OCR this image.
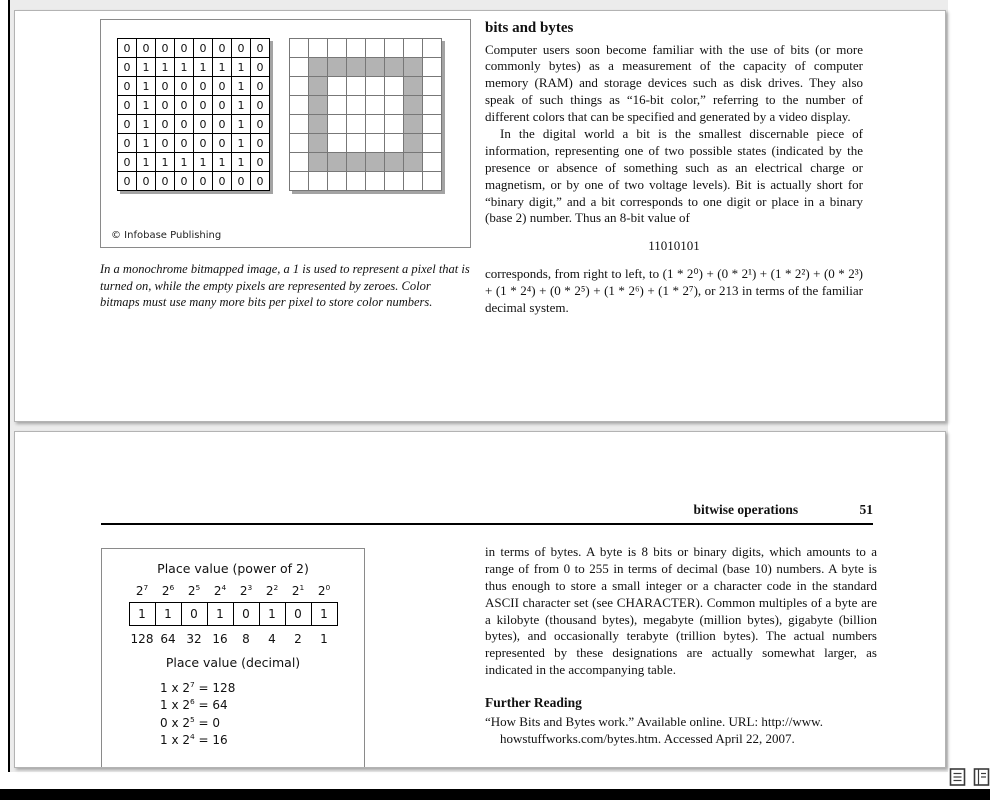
0	0	0	0	0	0	0	0
0	1	1	1	1	1	1	0
0	1	0	0	0	0	1	0
0	1	0	0	0	0	1	0
0	1	0	0	0	0	1	0
0	1	0	0	0	0	1	0
0	1	1	1	1	1	1	0
0	0	0	0	0	0	0	0
© Infobase Publishing
In a monochrome bitmapped image, a 1 is used to represent a pixel that is turned on, while the empty pixels are represented by zeroes. Color bitmaps must use many more bits per pixel to store color numbers.
bits and bytes

Computer users soon become familiar with the use of bits (or more commonly bytes) as a measurement of the capacity of computer memory (RAM) and storage devices such as disk drives. They also speak of such things as “16-bit color,” referring to the number of different colors that can be specified and generated by a video display.

In the digital world a bit is the smallest discernable piece of information, representing one of two possible states (indicated by the presence or absence of something such as an electrical charge or magnetism, or by one of two voltage levels). Bit is actually short for “binary digit,” and a bit corresponds to one digit or place in a binary (base 2) number. Thus an 8-bit value of

11010101

corresponds, from right to left, to (1 * 2⁰) + (0 * 2¹) + (1 * 2²) + (0 * 2³) + (1 * 2⁴) + (0 * 2⁵) + (1 * 2⁶) + (1 * 2⁷), or 213 in terms of the familiar decimal system.

bitwise operations	51
Place value (power of 2)
$2^7$	$2^6$	$2^5$	$2^4$	$2^3$	$2^2$	$2^1$	$2^0$
1	1	0	1	0	1	0	1
128 64 32 16	8	4	2	1
Place value (decimal)
1 x $2^7 = 128$
1 x $2^6 = 64$
0 x $2^5 = 0$
1 x $2^4 = 16$

in terms of bytes. A byte is 8 bits or binary digits, which amounts to a range of from 0 to 255 in terms of decimal (base 10) numbers. A byte is thus enough to store a small integer or a character code in the standard ASCII character set (see CHARACTER). Common multiples of a byte are a kilobyte (thousand bytes), megabyte (million bytes), gigabyte (billion bytes), and occasionally terabyte (trillion bytes). The actual numbers represented by these designations are actually somewhat larger, as indicated in the accompanying table.

Further Reading

“How Bits and Bytes work.” Available online. URL: http://www. howstuffworks.com/bytes.htm. Accessed April 22, 2007.
